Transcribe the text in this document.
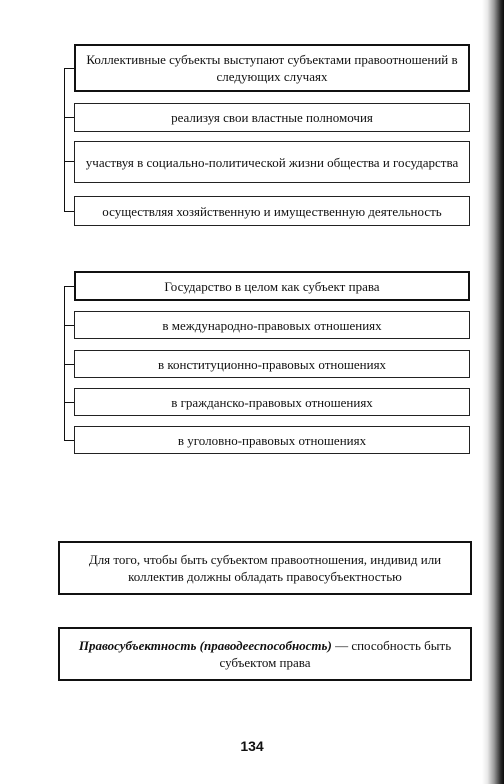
Коллективные субъекты выступают субъектами правоотношений в следующих случаях
реализуя свои властные полномочия
участвуя в социально-политической жизни общества и государства
осуществляя хозяйственную и имущественную деятельность
Государство в целом как субъект права
в международно-правовых отношениях
в конституционно-правовых отношениях
в гражданско-правовых отношениях
в уголовно-правовых отношениях
Для того, чтобы быть субъектом правоотношения, индивид или коллектив должны обладать правосубъектностью
Правосубъектность (праводееспособность) — способность быть субъектом права
134
